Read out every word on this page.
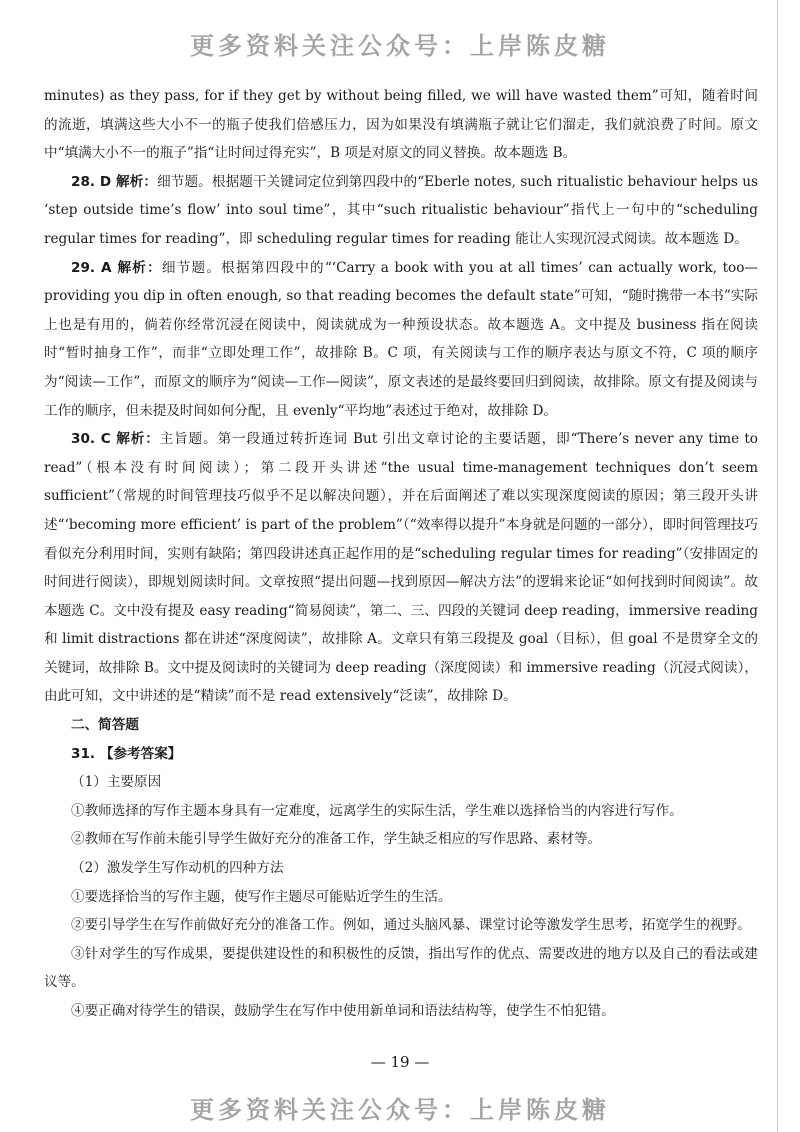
更多资料关注公众号：上岸陈皮糖

minutes) as they pass, for if they get by without being filled, we will have wasted them”可知，随着时间的流逝，填满这些大小不一的瓶子使我们倍感压力，因为如果没有填满瓶子就让它们溜走，我们就浪费了时间。原文中“填满大小不一的瓶子”指“让时间过得充实”，B 项是对原文的同义替换。故本题选 B。

28. D 解析：细节题。根据题干关键词定位到第四段中的“Eberle notes, such ritualistic behaviour helps us ‘step outside time’s flow’ into soul time”，其中“such ritualistic behaviour”指代上一句中的“scheduling regular times for reading”，即 scheduling regular times for reading 能让人实现沉浸式阅读。故本题选 D。

29. A 解析：细节题。根据第四段中的“‘Carry a book with you at all times’ can actually work, too—providing you dip in often enough, so that reading becomes the default state”可知，“随时携带一本书”实际上也是有用的，倘若你经常沉浸在阅读中，阅读就成为一种预设状态。故本题选 A。文中提及 business 指在阅读时“暂时抽身工作”，而非“立即处理工作”，故排除 B。C 项，有关阅读与工作的顺序表达与原文不符，C 项的顺序为“阅读—工作”，而原文的顺序为“阅读—工作—阅读”，原文表述的是最终要回归到阅读，故排除。原文有提及阅读与工作的顺序，但未提及时间如何分配，且 evenly“平均地”表述过于绝对，故排除 D。

30. C 解析：主旨题。第一段通过转折连词 But 引出文章讨论的主要话题，即“There’s never any time to read”（根本没有时间阅读）；第二段开头讲述“the usual time-management techniques don’t seem sufficient”（常规的时间管理技巧似乎不足以解决问题），并在后面阐述了难以实现深度阅读的原因；第三段开头讲述“‘becoming more efficient’ is part of the problem”（“效率得以提升”本身就是问题的一部分），即时间管理技巧看似充分利用时间，实则有缺陷；第四段讲述真正起作用的是“scheduling regular times for reading”（安排固定的时间进行阅读），即规划阅读时间。文章按照“提出问题—找到原因—解决方法”的逻辑来论证“如何找到时间阅读”。故本题选 C。文中没有提及 easy reading“简易阅读”，第二、三、四段的关键词 deep reading，immersive reading 和 limit distractions 都在讲述“深度阅读”，故排除 A。文章只有第三段提及 goal（目标），但 goal 不是贯穿全文的关键词，故排除 B。文中提及阅读时的关键词为 deep reading（深度阅读）和 immersive reading（沉浸式阅读），由此可知，文中讲述的是“精读”而不是 read extensively“泛读”，故排除 D。

二、简答题

31. 【参考答案】

（1）主要原因

①教师选择的写作主题本身具有一定难度，远离学生的实际生活，学生难以选择恰当的内容进行写作。

②教师在写作前未能引导学生做好充分的准备工作，学生缺乏相应的写作思路、素材等。

（2）激发学生写作动机的四种方法

①要选择恰当的写作主题，使写作主题尽可能贴近学生的生活。

②要引导学生在写作前做好充分的准备工作。例如，通过头脑风暴、课堂讨论等激发学生思考，拓宽学生的视野。

③针对学生的写作成果，要提供建设性的和积极性的反馈，指出写作的优点、需要改进的地方以及自己的看法或建议等。

④要正确对待学生的错误，鼓励学生在写作中使用新单词和语法结构等，使学生不怕犯错。

— 19 —
更多资料关注公众号：上岸陈皮糖
